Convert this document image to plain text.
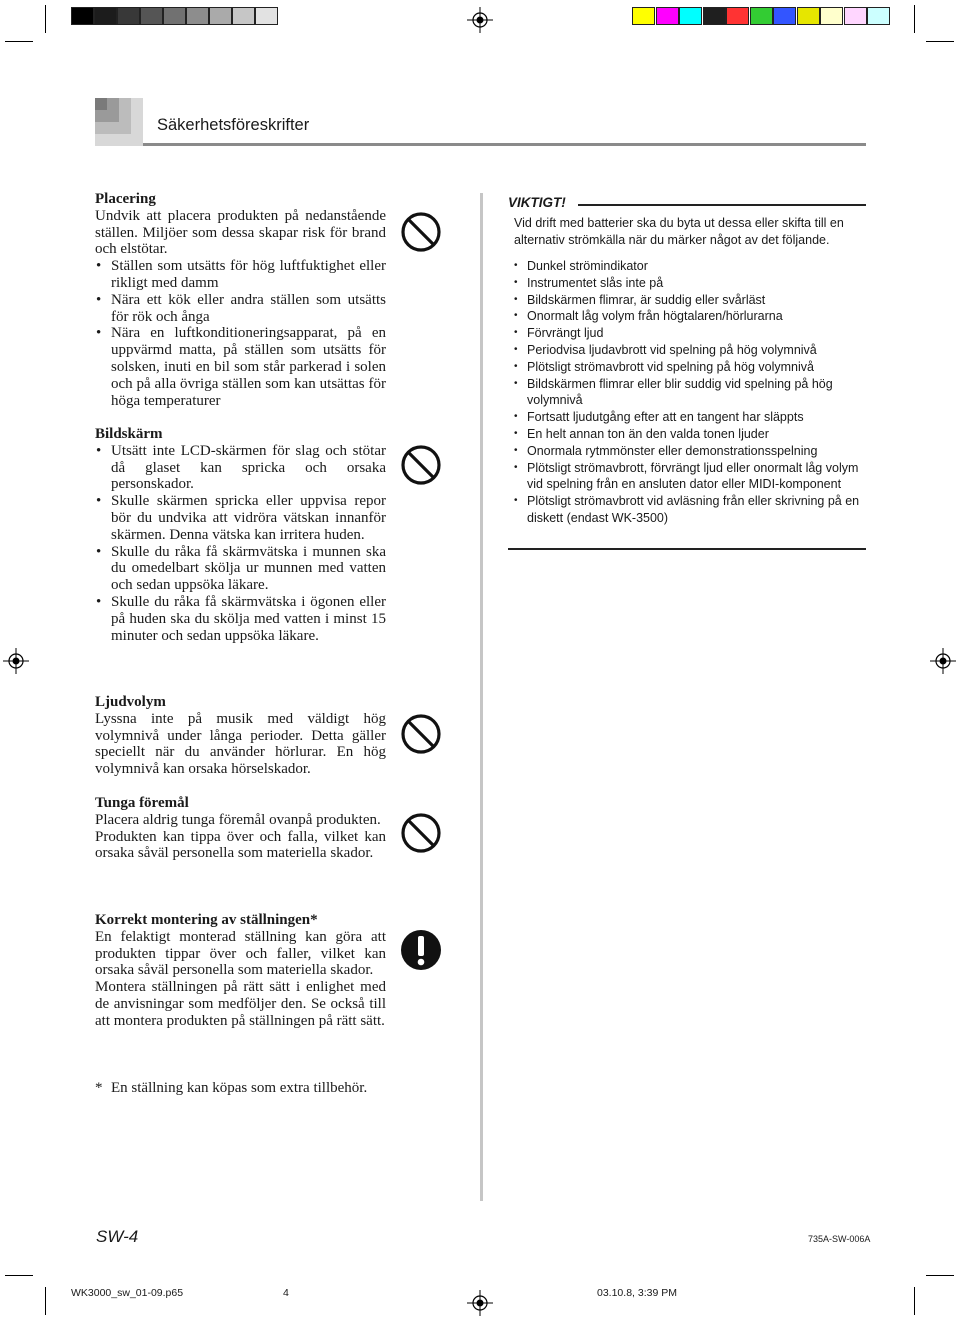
Säkerhetsföreskrifter
Placering

Undvik att placera produkten på nedanstående ställen. Miljöer som dessa skapar risk för brand och elstötar.

• Ställen som utsätts för hög luftfuktighet eller rikligt med damm
• Nära ett kök eller andra ställen som utsätts för rök och ånga
• Nära en luftkonditioneringsapparat, på en uppvärmd matta, på ställen som utsätts för solsken, inuti en bil som står parkerad i solen och på alla övriga ställen som kan utsättas för höga temperaturer
Bildskärm
• Utsätt inte LCD-skärmen för slag och stötar då glaset kan spricka och orsaka personskador.
• Skulle skärmen spricka eller uppvisa repor bör du undvika att vidröra vätskan innanför skärmen. Denna vätska kan irritera huden.
• Skulle du råka få skärmvätska i munnen ska du omedelbart skölja ur munnen med vatten och sedan uppsöka läkare.
• Skulle du råka få skärmvätska i ögonen eller på huden ska du skölja med vatten i minst 15 minuter och sedan uppsöka läkare.
Ljudvolym

Lyssna inte på musik med väldigt hög volymnivå under långa perioder. Detta gäller speciellt när du använder hörlurar. En hög volymnivå kan orsaka hörselskador.

Tunga föremål

Placera aldrig tunga föremål ovanpå produkten.

Produkten kan tippa över och falla, vilket kan orsaka såväl personella som materiella skador.

Korrekt montering av ställningen*

En felaktigt monterad ställning kan göra att produkten tippar över och faller, vilket kan orsaka såväl personella som materiella skador.

Montera ställningen på rätt sätt i enlighet med de anvisningar som medföljer den. Se också till att montera produkten på ställningen på rätt sätt.

* En ställning kan köpas som extra tillbehör.
VIKTIGT!
Vid drift med batterier ska du byta ut dessa eller skifta till en alternativ strömkälla när du märker något av det följande.
• Dunkel strömindikator
• Instrumentet slås inte på
• Bildskärmen flimrar, är suddig eller svårläst
• Onormalt låg volym från högtalaren/hörlurarna
• Förvrängt ljud
• Periodvisa ljudavbrott vid spelning på hög volymnivå
• Plötsligt strömavbrott vid spelning på hög volymnivå
• Bildskärmen flimrar eller blir suddig vid spelning på hög volymnivå
• Fortsatt ljudutgång efter att en tangent har släppts
• En helt annan ton än den valda tonen ljuder
• Onormala rytmmönster eller demonstrationsspelning
• Plötsligt strömavbrott, förvrängt ljud eller onormalt låg volym vid spelning från en ansluten dator eller MIDI-komponent
• Plötsligt strömavbrott vid avläsning från eller skrivning på en diskett (endast WK-3500)
SW-4	735A-SW-006A
WK3000_sw_01-09.p65	4	03.10.8, 3:39 PM
